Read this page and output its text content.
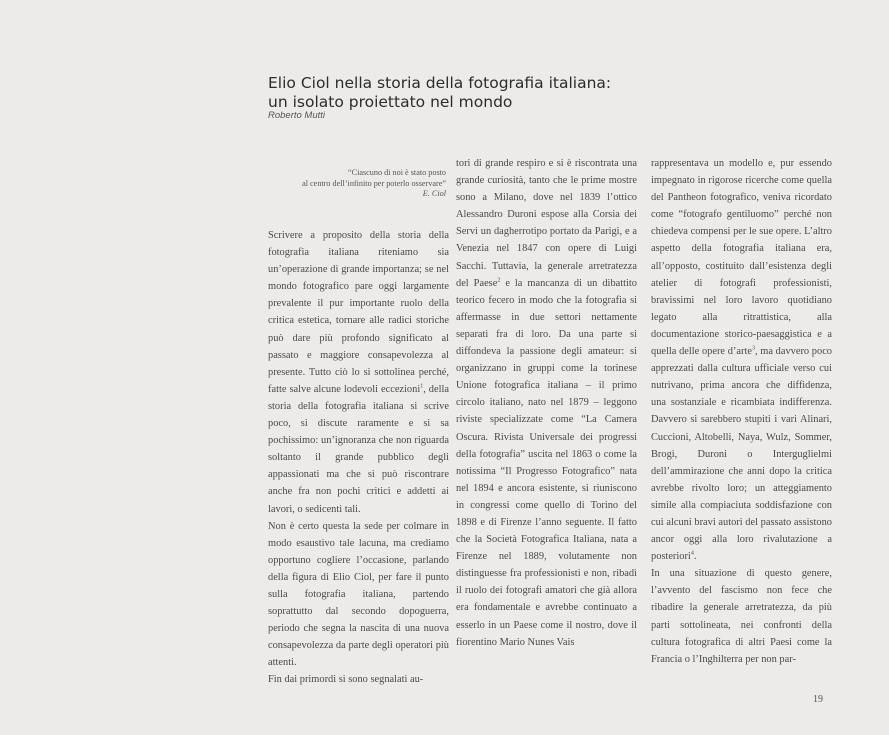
Elio Ciol nella storia della fotografia italiana:
un isolato proiettato nel mondo
Roberto Mutti
“Ciascuno di noi è stato posto
al centro dell’infinito per poterlo osservare”
E. Ciol

Scrivere a proposito della storia della fotografia italiana riteniamo sia un’operazione di grande importanza; se nel mondo fotografico pare oggi largamente prevalente il pur importante ruolo della critica estetica, tornare alle radici storiche può dare più profondo significato al passato e maggiore consapevolezza al presente. Tutto ciò lo si sottolinea perché, fatte salve alcune lodevoli eccezioni$^1$, della storia della fotografia italiana si scrive poco, si discute raramente e si sa pochissimo: un’ignoranza che non riguarda soltanto il grande pubblico degli appassionati ma che si può riscontrare anche fra non pochi critici e addetti ai lavori, o sedicenti tali.

Non è certo questa la sede per colmare in modo esaustivo tale lacuna, ma crediamo opportuno cogliere l’occasione, parlando della figura di Elio Ciol, per fare il punto sulla fotografia italiana, partendo soprattutto dal secondo dopoguerra, periodo che segna la nascita di una nuova consapevolezza da parte degli operatori più attenti.

Fin dai primordi si sono segnalati au-

tori di grande respiro e si è riscontrata una grande curiosità, tanto che le prime mostre sono a Milano, dove nel 1839 l’ottico Alessandro Duroni espose alla Corsia dei Servi un dagherrotipo portato da Parigi, e a Venezia nel 1847 con opere di Luigi Sacchi. Tuttavia, la generale arretratezza del Paese$^2$ e la mancanza di un dibattito teorico fecero in modo che la fotografia si affermasse in due settori nettamente separati fra di loro. Da una parte si diffondeva la passione degli amateur: si organizzano in gruppi come la torinese Unione fotografica italiana – il primo circolo italiano, nato nel 1879 – leggono riviste specializzate come “La Camera Oscura. Rivista Universale dei progressi della fotografia” uscita nel 1863 o come la notissima “Il Progresso Fotografico” nata nel 1894 e ancora esistente, si riuniscono in congressi come quello di Torino del 1898 e di Firenze l’anno seguente. Il fatto che la Società Fotografica Italiana, nata a Firenze nel 1889, volutamente non distinguesse fra professionisti e non, ribadì il ruolo dei fotografi amatori che già allora era fondamentale e avrebbe continuato a esserlo in un Paese come il nostro, dove il fiorentino Mario Nunes Vais

rappresentava un modello e, pur essendo impegnato in rigorose ricerche come quella del Pantheon fotografico, veniva ricordato come “fotografo gentiluomo” perché non chiedeva compensi per le sue opere. L’altro aspetto della fotografia italiana era, all’opposto, costituito dall’esistenza degli atelier di fotografi professionisti, bravissimi nel loro lavoro quotidiano legato alla ritrattistica, alla documentazione storico-paesaggistica e a quella delle opere d’arte$^3$, ma davvero poco apprezzati dalla cultura ufficiale verso cui nutrivano, prima ancora che diffidenza, una sostanziale e ricambiata indifferenza. Davvero si sarebbero stupiti i vari Alinari, Cuccioni, Altobelli, Naya, Wulz, Sommer, Brogi, Duroni o Interguglielmi dell’ammirazione che anni dopo la critica avrebbe rivolto loro; un atteggiamento simile alla compiaciuta soddisfazione con cui alcuni bravi autori del passato assistono ancor oggi alla loro rivalutazione a posteriori$^4$.

In una situazione di questo genere, l’avvento del fascismo non fece che ribadire la generale arretratezza, da più parti sottolineata, nei confronti della cultura fotografica di altri Paesi come la Francia o l’Inghilterra per non par-

19
